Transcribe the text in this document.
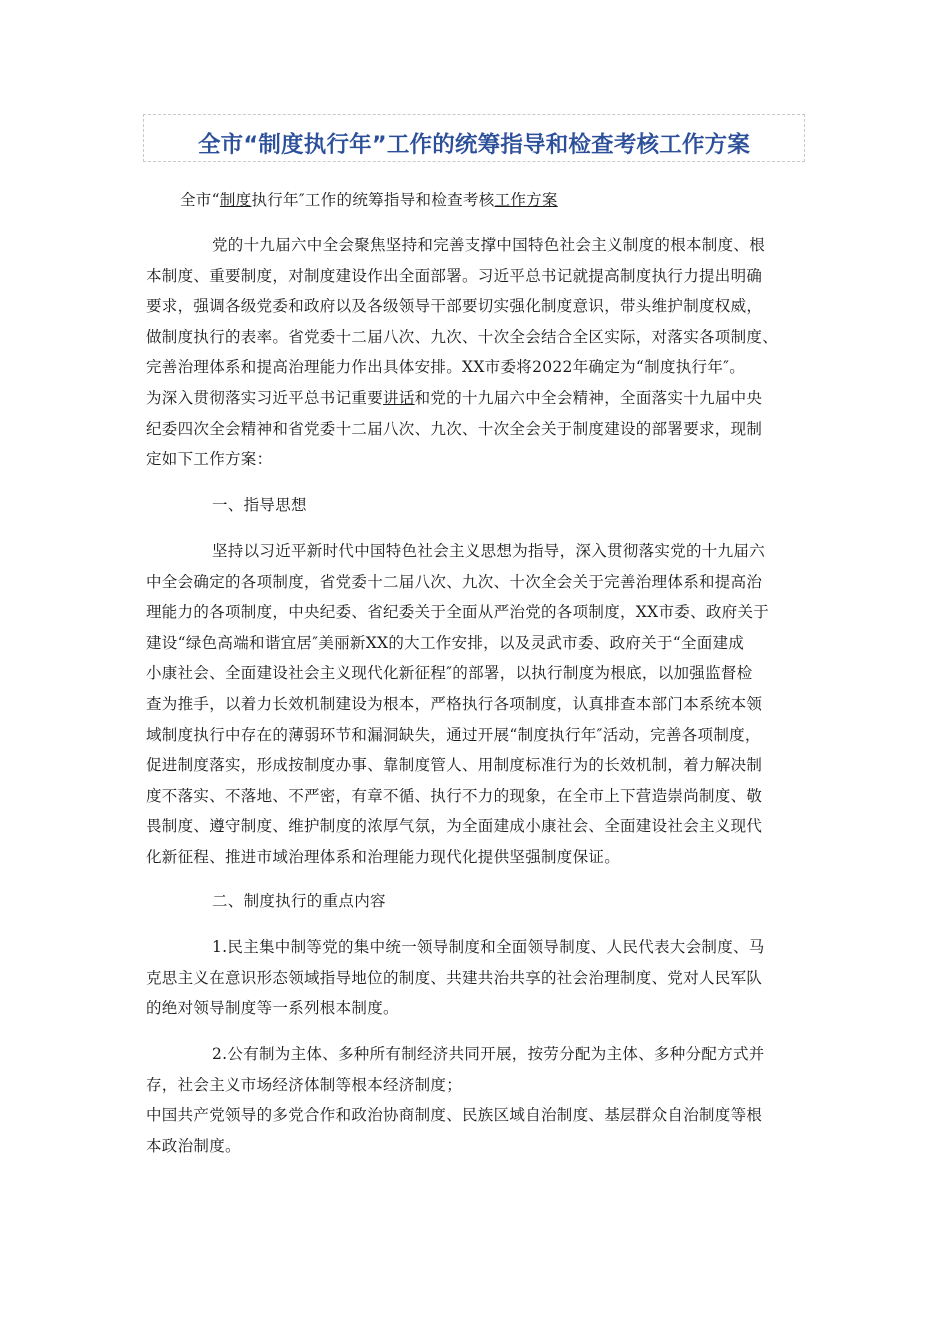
全市“制度执行年”工作的统筹指导和检查考核工作方案
全市“制度执行年″工作的统筹指导和检查考核工作方案
党的十九届六中全会聚焦坚持和完善支撑中国特色社会主义制度的根本制度、根
本制度、重要制度，对制度建设作出全面部署。习近平总书记就提高制度执行力提出明确
要求，强调各级党委和政府以及各级领导干部要切实强化制度意识，带头维护制度权威，
做制度执行的表率。省党委十二届八次、九次、十次全会结合全区实际，对落实各项制度、
完善治理体系和提高治理能力作出具体安排。XX市委将2022年确定为“制度执行年″。
为深入贯彻落实习近平总书记重要讲话和党的十九届六中全会精神，全面落实十九届中央
纪委四次全会精神和省党委十二届八次、九次、十次全会关于制度建设的部署要求，现制
定如下工作方案：
一、指导思想
坚持以习近平新时代中国特色社会主义思想为指导，深入贯彻落实党的十九届六
中全会确定的各项制度，省党委十二届八次、九次、十次全会关于完善治理体系和提高治
理能力的各项制度，中央纪委、省纪委关于全面从严治党的各项制度，XX市委、政府关于
建设“绿色高端和谐宜居″美丽新XX的大工作安排，以及灵武市委、政府关于“全面建成
小康社会、全面建设社会主义现代化新征程″的部署，以执行制度为根底，以加强监督检
查为推手，以着力长效机制建设为根本，严格执行各项制度，认真排查本部门本系统本领
域制度执行中存在的薄弱环节和漏洞缺失，通过开展“制度执行年″活动，完善各项制度，
促进制度落实，形成按制度办事、靠制度管人、用制度标准行为的长效机制，着力解决制
度不落实、不落地、不严密，有章不循、执行不力的现象，在全市上下营造崇尚制度、敬
畏制度、遵守制度、维护制度的浓厚气氛，为全面建成小康社会、全面建设社会主义现代
化新征程、推进市域治理体系和治理能力现代化提供坚强制度保证。
二、制度执行的重点内容
1.民主集中制等党的集中统一领导制度和全面领导制度、人民代表大会制度、马
克思主义在意识形态领域指导地位的制度、共建共治共享的社会治理制度、党对人民军队
的绝对领导制度等一系列根本制度。
2.公有制为主体、多种所有制经济共同开展，按劳分配为主体、多种分配方式并
存，社会主义市场经济体制等根本经济制度；
中国共产党领导的多党合作和政治协商制度、民族区域自治制度、基层群众自治制度等根
本政治制度。
